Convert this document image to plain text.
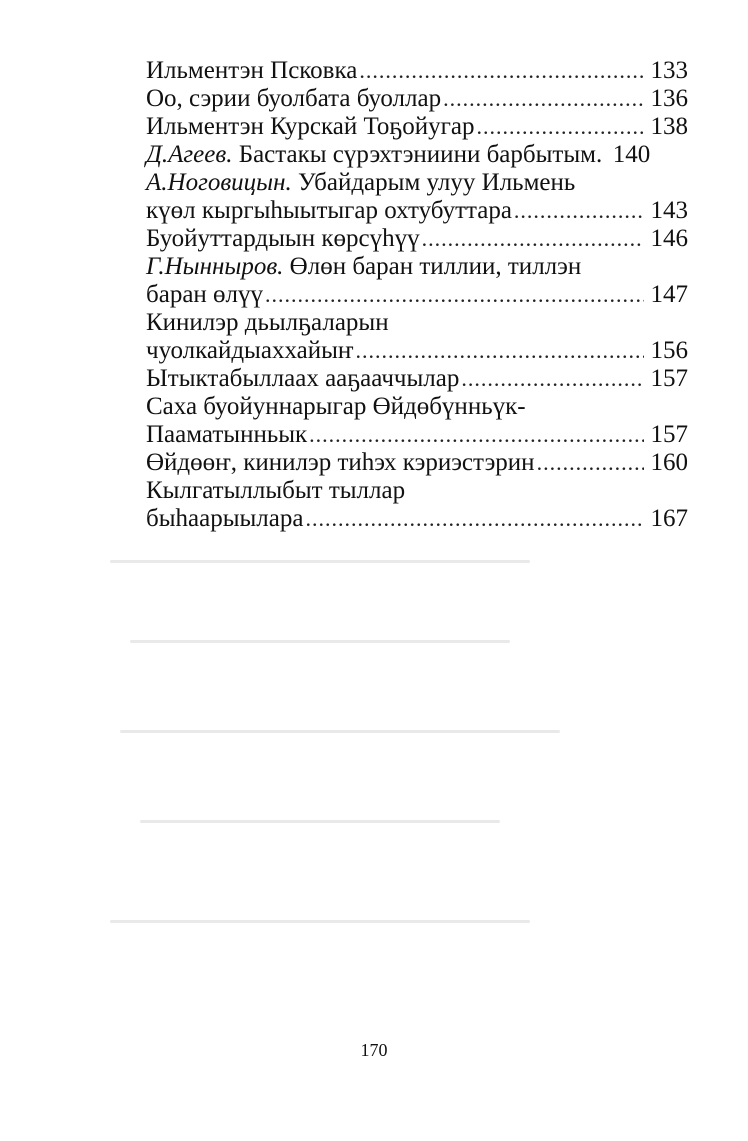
Ильментэн Псковка .....	133
Оо, сэрии буолбата буоллар .....	136
Ильментэн Курскай Тоҕойугар .....	138
Д.Агеев. Бастакы сүрэхтэниини барбытым. 140
А.Ноговицын. Убайдарым улуу Ильмень
күөл кыргыһыытыгар охтубуттара .....	143
Буойуттардыын көрсүһүү .....	146
Г.Нынныров. Өлөн баран тиллии, тиллэн
баран өлүү .....	147
Кинилэр дьылҕаларын
чуолкайдыаххайыҥ .....	156
Ытыктабыллаах ааҕааччылар .....	157
Саха буойуннарыгар Өйдөбүнньүк-
Пааматынньык .....	157
Өйдөөҥ, кинилэр тиһэх кэриэстэрин .....	160
Кылгатыллыбыт тыллар
быһаарыылара .....	167
170
